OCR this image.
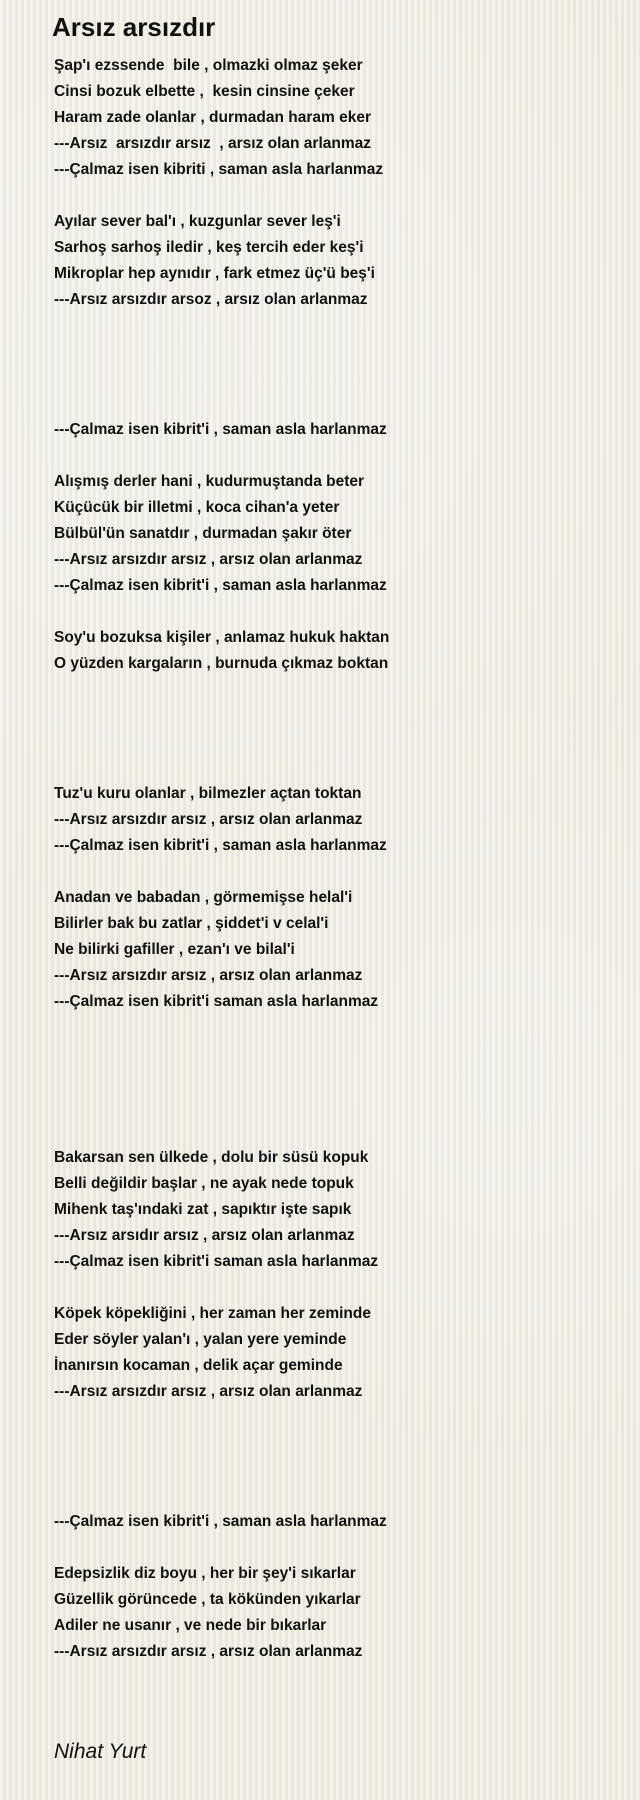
Arsız arsızdır
Şap'ı ezssende  bile , olmazki olmaz şeker
Cinsi bozuk elbette ,  kesin cinsine çeker
Haram zade olanlar , durmadan haram eker
---Arsız  arsızdır arsız  , arsız olan arlanmaz
---Çalmaz isen kibriti , saman asla harlanmaz
Ayılar sever bal'ı , kuzgunlar sever leş'i
Sarhoş sarhoş iledir , keş tercih eder keş'i
Mikroplar hep aynıdır , fark etmez üç'ü beş'i
---Arsız arsızdır arsoz , arsız olan arlanmaz
---Çalmaz isen kibrit'i , saman asla harlanmaz
Alışmış derler hani , kudurmuştanda beter
Küçücük bir illetmi , koca cihan'a yeter
Bülbül'ün sanatdır , durmadan şakır öter
---Arsız arsızdır arsız , arsız olan arlanmaz
---Çalmaz isen kibrit'i , saman asla harlanmaz
Soy'u bozuksa kişiler , anlamaz hukuk haktan
O yüzden kargaların , burnuda çıkmaz boktan
Tuz'u kuru olanlar , bilmezler açtan toktan
---Arsız arsızdır arsız , arsız olan arlanmaz
---Çalmaz isen kibrit'i , saman asla harlanmaz
Anadan ve babadan , görmemişse helal'i
Bilirler bak bu zatlar , şiddet'i v celal'i
Ne bilirki gafiller , ezan'ı ve bilal'i
---Arsız arsızdır arsız , arsız olan arlanmaz
---Çalmaz isen kibrit'i saman asla harlanmaz
Bakarsan sen ülkede , dolu bir süsü kopuk
Belli değildir başlar , ne ayak nede topuk
Mihenk taş'ındaki zat , sapıktır işte sapık
---Arsız arsıdır arsız , arsız olan arlanmaz
---Çalmaz isen kibrit'i saman asla harlanmaz
Köpek köpekliğini , her zaman her zeminde
Eder söyler yalan'ı , yalan yere yeminde
İnanırsın kocaman , delik açar geminde
---Arsız arsızdır arsız , arsız olan arlanmaz
---Çalmaz isen kibrit'i , saman asla harlanmaz
Edepsizlik diz boyu , her bir şey'i sıkarlar
Güzellik görüncede , ta kökünden yıkarlar
Adiler ne usanır , ve nede bir bıkarlar
---Arsız arsızdır arsız , arsız olan arlanmaz
Nihat Yurt
